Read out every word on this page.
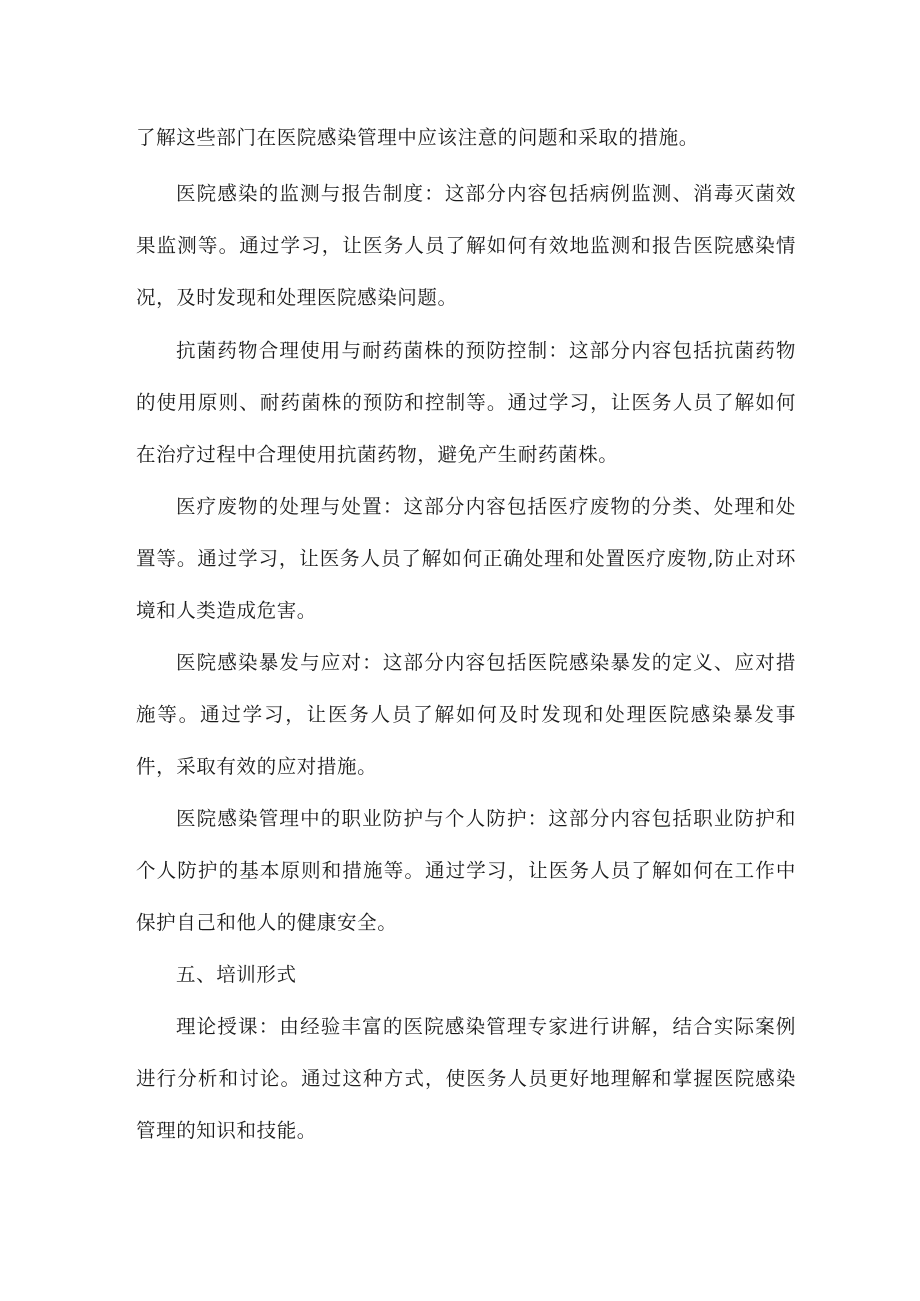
了解这些部门在医院感染管理中应该注意的问题和采取的措施。

医院感染的监测与报告制度：这部分内容包括病例监测、消毒灭菌效果监测等。通过学习，让医务人员了解如何有效地监测和报告医院感染情况，及时发现和处理医院感染问题。

抗菌药物合理使用与耐药菌株的预防控制：这部分内容包括抗菌药物的使用原则、耐药菌株的预防和控制等。通过学习，让医务人员了解如何在治疗过程中合理使用抗菌药物，避免产生耐药菌株。

医疗废物的处理与处置：这部分内容包括医疗废物的分类、处理和处置等。通过学习，让医务人员了解如何正确处理和处置医疗废物,防止对环境和人类造成危害。

医院感染暴发与应对：这部分内容包括医院感染暴发的定义、应对措施等。通过学习，让医务人员了解如何及时发现和处理医院感染暴发事件，采取有效的应对措施。

医院感染管理中的职业防护与个人防护：这部分内容包括职业防护和个人防护的基本原则和措施等。通过学习，让医务人员了解如何在工作中保护自己和他人的健康安全。

五、培训形式

理论授课：由经验丰富的医院感染管理专家进行讲解，结合实际案例进行分析和讨论。通过这种方式，使医务人员更好地理解和掌握医院感染管理的知识和技能。
